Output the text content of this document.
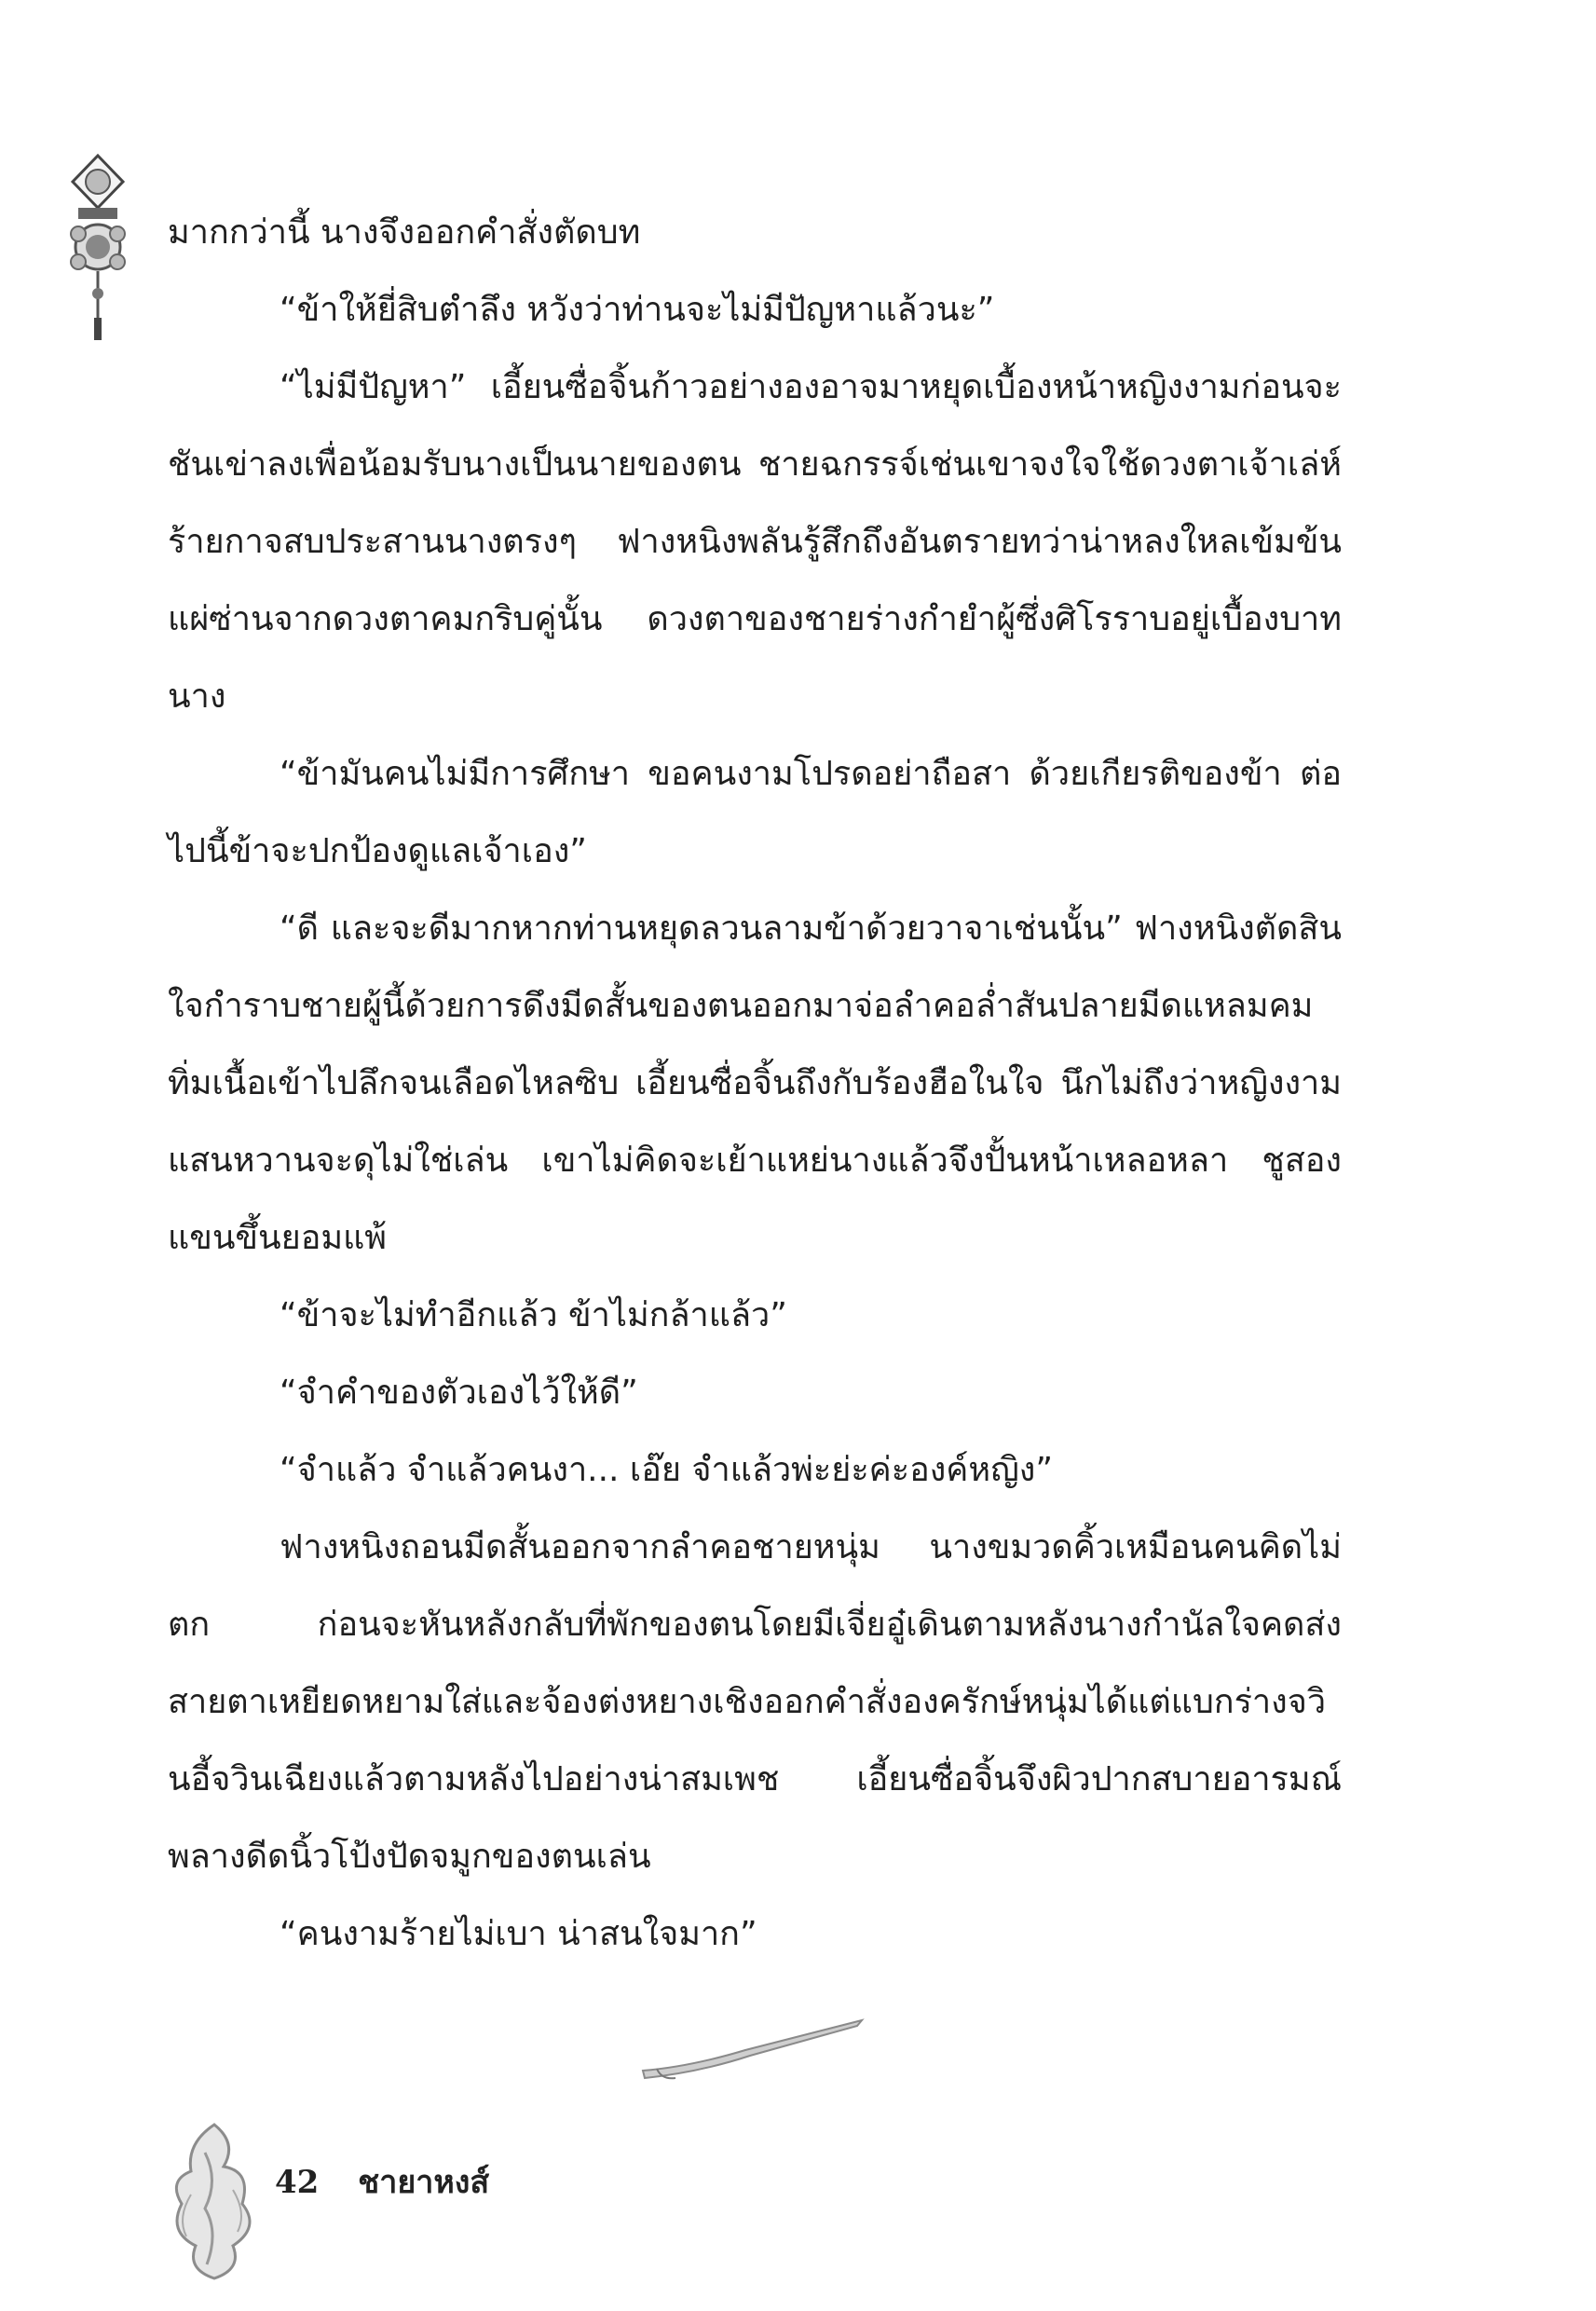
มากกว่านี้ นางจึงออกคำสั่งตัดบท

“ข้าให้ยี่สิบตำลึง หวังว่าท่านจะไม่มีปัญหาแล้วนะ”

“ไม่มีปัญหา” เอี้ยนซื่อจิ้นก้าวอย่างองอาจมาหยุดเบื้องหน้าหญิงงามก่อนจะชันเข่าลงเพื่อน้อมรับนางเป็นนายของตน ชายฉกรรจ์เช่นเขาจงใจใช้ดวงตาเจ้าเล่ห์ร้ายกาจสบประสานนางตรงๆ ฟางหนิงพลันรู้สึกถึงอันตรายทว่าน่าหลงใหลเข้มข้นแผ่ซ่านจากดวงตาคมกริบคู่นั้น ดวงตาของชายร่างกำยำผู้ซึ่งศิโรราบอยู่เบื้องบาทนาง

“ข้ามันคนไม่มีการศึกษา ขอคนงามโปรดอย่าถือสา ด้วยเกียรติของข้า ต่อไปนี้ข้าจะปกป้องดูแลเจ้าเอง”

“ดี และจะดีมากหากท่านหยุดลวนลามข้าด้วยวาจาเช่นนั้น” ฟางหนิงตัดสินใจกำราบชายผู้นี้ด้วยการดึงมีดสั้นของตนออกมาจ่อลำคอล่ำสันปลายมีดแหลมคมทิ่มเนื้อเข้าไปลึกจนเลือดไหลซิบ เอี้ยนซื่อจิ้นถึงกับร้องฮือในใจ นึกไม่ถึงว่าหญิงงามแสนหวานจะดุไม่ใช่เล่น เขาไม่คิดจะเย้าแหย่นางแล้วจึงปั้นหน้าเหลอหลา ชูสองแขนขึ้นยอมแพ้

“ข้าจะไม่ทำอีกแล้ว ข้าไม่กล้าแล้ว”

“จำคำของตัวเองไว้ให้ดี”

“จำแล้ว จำแล้วคนงา... เอ๊ย จำแล้วพ่ะย่ะค่ะองค์หญิง”

ฟางหนิงถอนมีดสั้นออกจากลำคอชายหนุ่ม นางขมวดคิ้วเหมือนคนคิดไม่ตก ก่อนจะหันหลังกลับที่พักของตนโดยมีเจี่ยอู๋เดินตามหลังนางกำนัลใจคดส่งสายตาเหยียดหยามใส่และจ้องต่งหยางเชิงออกคำสั่งองครักษ์หนุ่มได้แต่แบกร่างจวินอี้จวินเฉียงแล้วตามหลังไปอย่างน่าสมเพช เอี้ยนซื่อจิ้นจึงผิวปากสบายอารมณ์พลางดีดนิ้วโป้งปัดจมูกของตนเล่น

“คนงามร้ายไม่เบา น่าสนใจมาก”

42 ชายาหงส์
